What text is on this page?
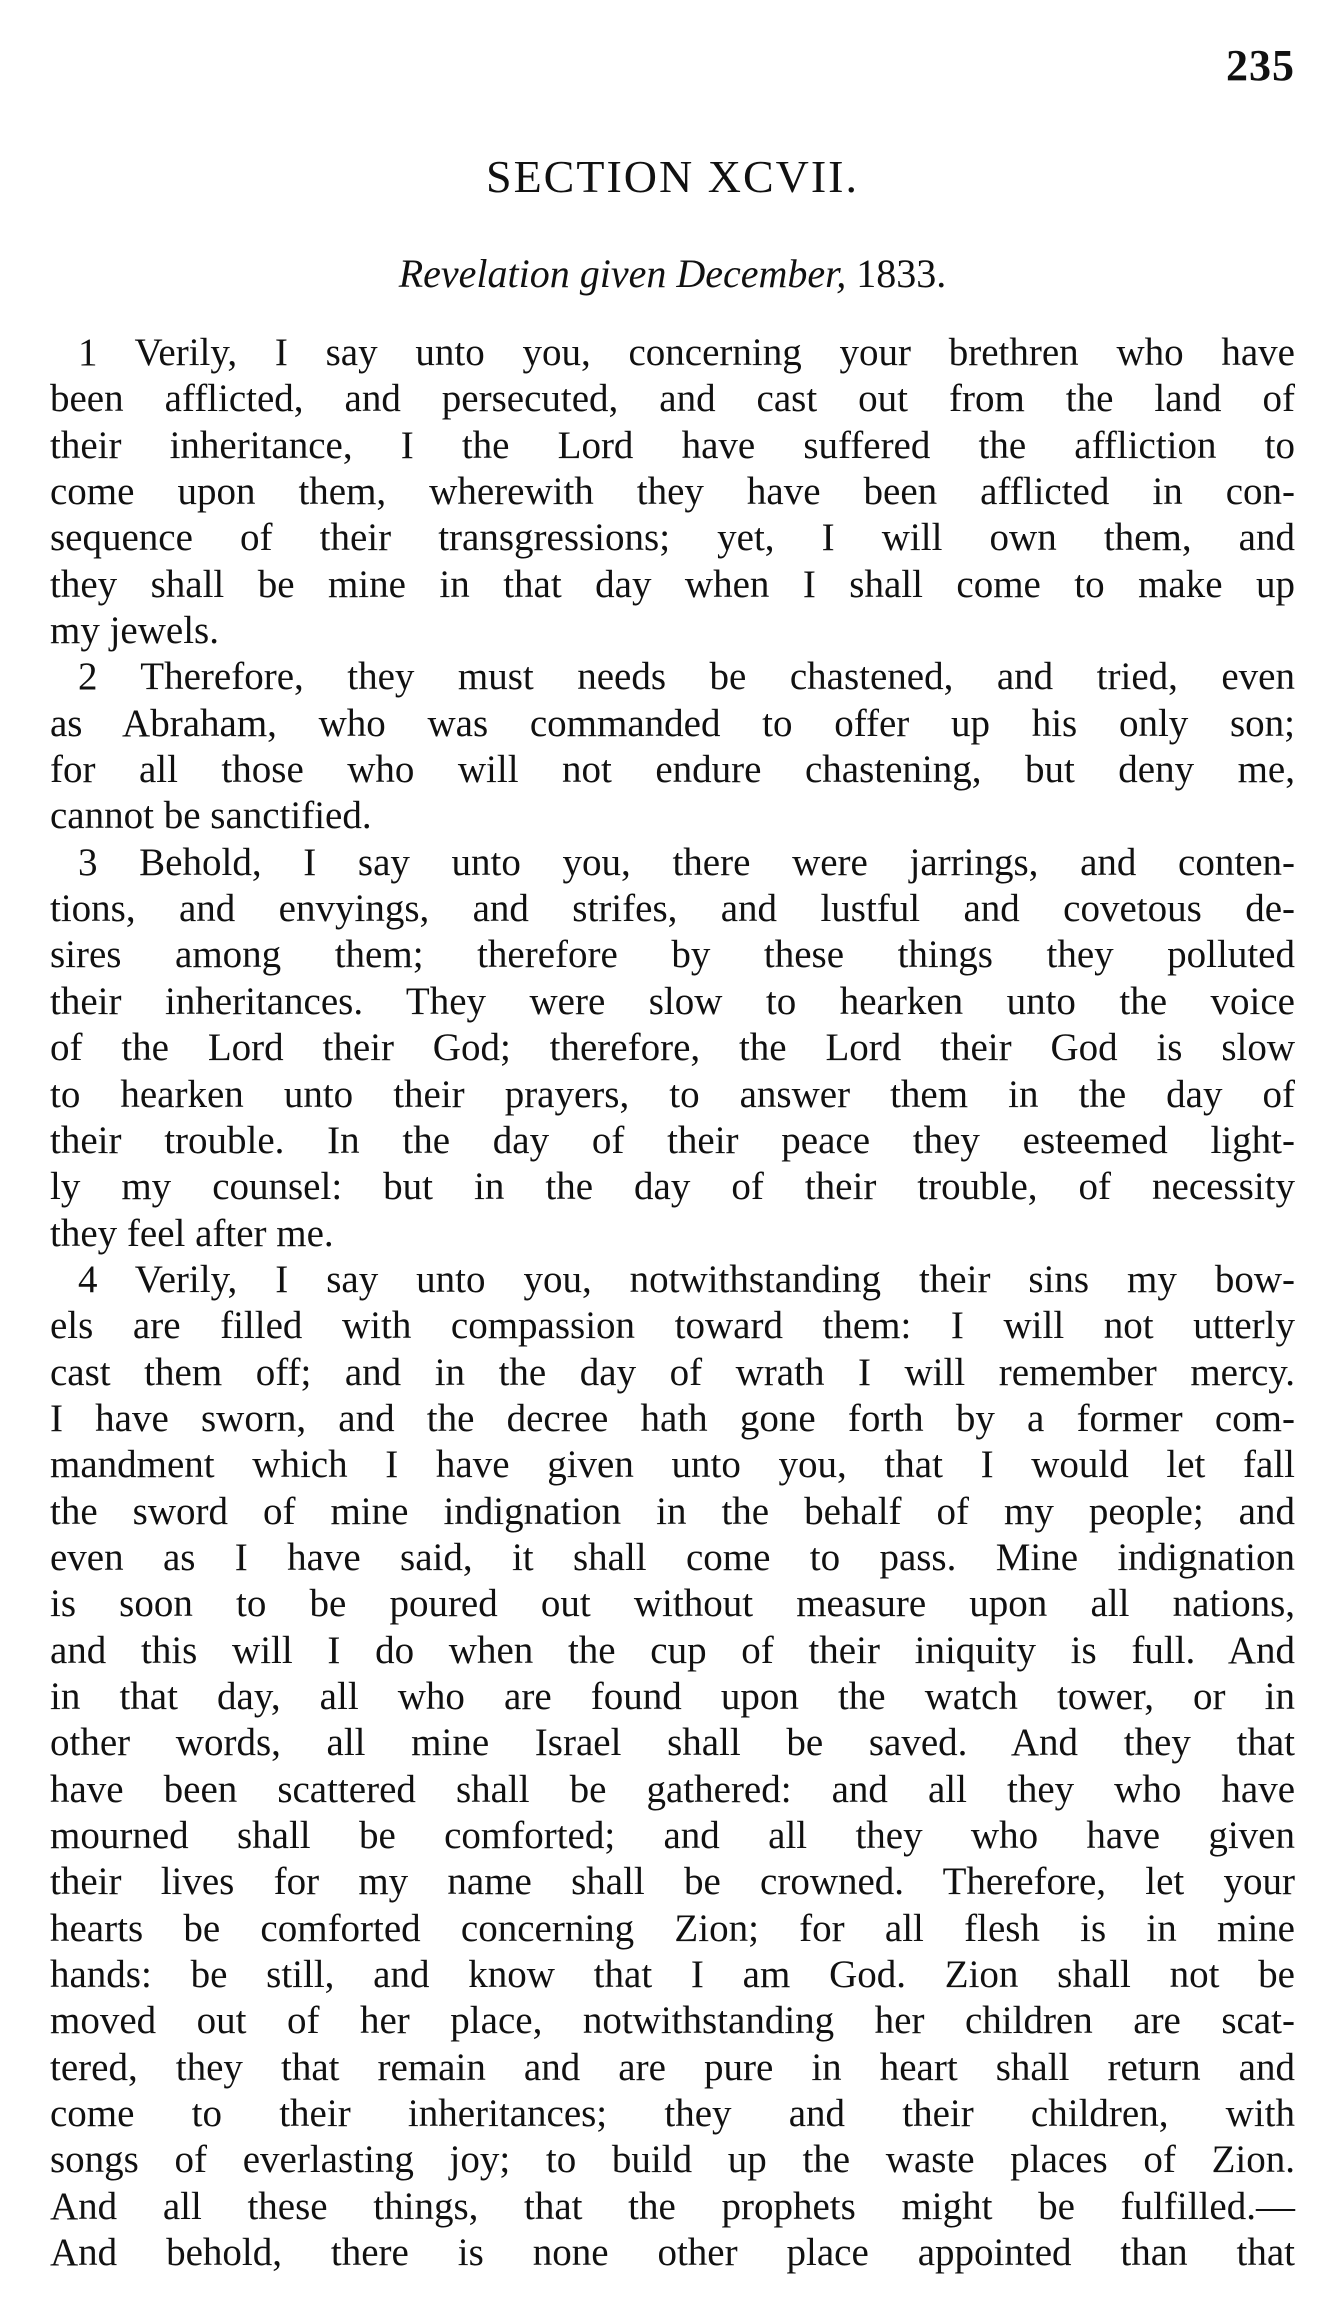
235
SECTION XCVII.
Revelation given December, 1833.
1 Verily, I say unto you, concerning your brethren who have
been afflicted, and persecuted, and cast out from the land of
their inheritance, I the Lord have suffered the affliction to
come upon them, wherewith they have been afflicted in con-
sequence of their transgressions; yet, I will own them, and
they shall be mine in that day when I shall come to make up
my jewels.
2 Therefore, they must needs be chastened, and tried, even
as Abraham, who was commanded to offer up his only son;
for all those who will not endure chastening, but deny me,
cannot be sanctified.
3 Behold, I say unto you, there were jarrings, and conten-
tions, and envyings, and strifes, and lustful and covetous de-
sires among them; therefore by these things they polluted
their inheritances. They were slow to hearken unto the voice
of the Lord their God; therefore, the Lord their God is slow
to hearken unto their prayers, to answer them in the day of
their trouble. In the day of their peace they esteemed light-
ly my counsel: but in the day of their trouble, of necessity
they feel after me.
4 Verily, I say unto you, notwithstanding their sins my bow-
els are filled with compassion toward them: I will not utterly
cast them off; and in the day of wrath I will remember mercy.
I have sworn, and the decree hath gone forth by a former com-
mandment which I have given unto you, that I would let fall
the sword of mine indignation in the behalf of my people; and
even as I have said, it shall come to pass. Mine indignation
is soon to be poured out without measure upon all nations,
and this will I do when the cup of their iniquity is full. And
in that day, all who are found upon the watch tower, or in
other words, all mine Israel shall be saved. And they that
have been scattered shall be gathered: and all they who have
mourned shall be comforted; and all they who have given
their lives for my name shall be crowned. Therefore, let your
hearts be comforted concerning Zion; for all flesh is in mine
hands: be still, and know that I am God. Zion shall not be
moved out of her place, notwithstanding her children are scat-
tered, they that remain and are pure in heart shall return and
come to their inheritances; they and their children, with
songs of everlasting joy; to build up the waste places of Zion.
And all these things, that the prophets might be fulfilled.—
And behold, there is none other place appointed than that
